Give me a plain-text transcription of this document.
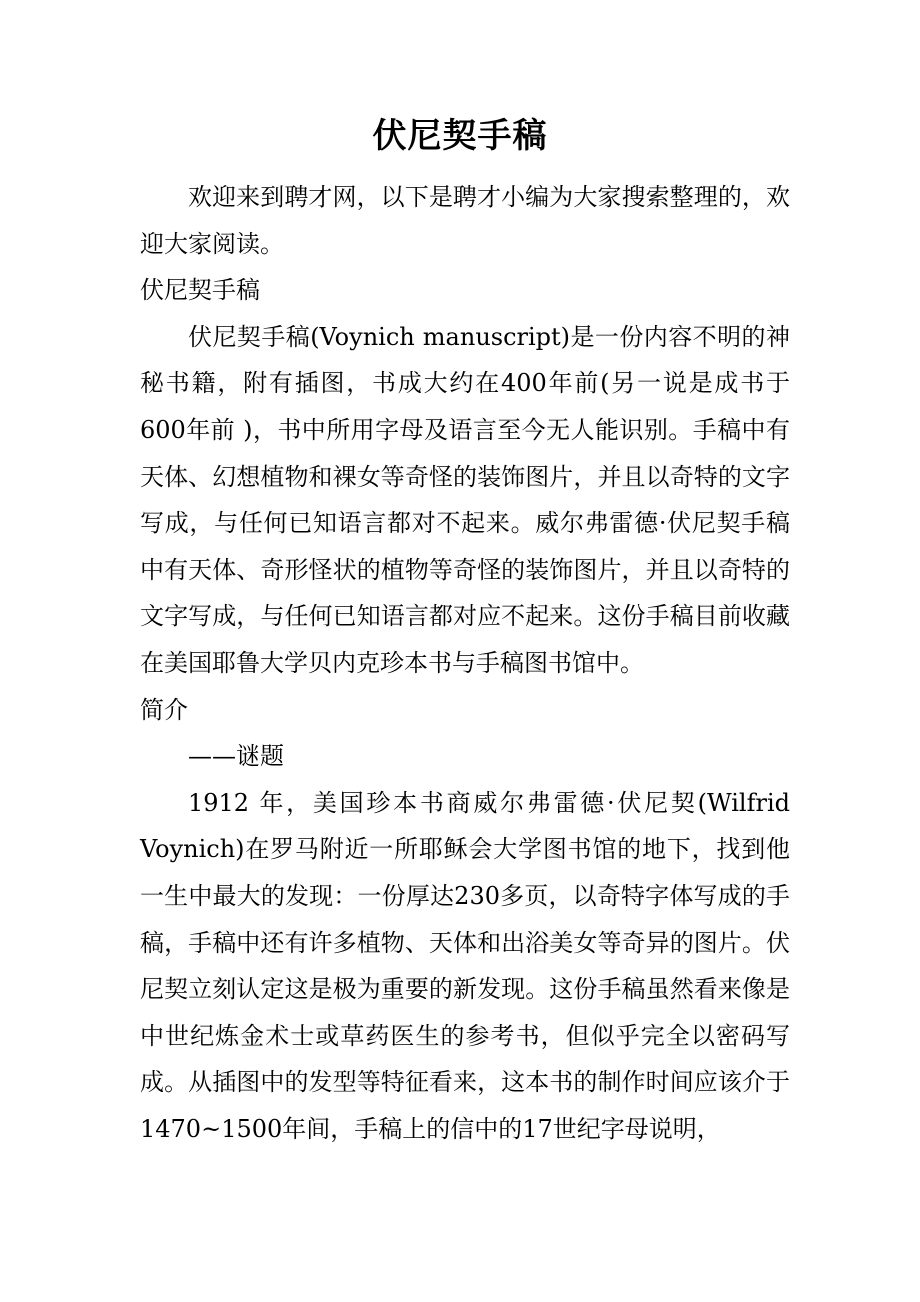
伏尼契手稿

欢迎来到聘才网，以下是聘才小编为大家搜索整理的，欢迎大家阅读。

伏尼契手稿

伏尼契手稿(Voynich manuscript)是一份内容不明的神秘书籍，附有插图，书成大约在400年前(另一说是成书于600年前 )，书中所用字母及语言至今无人能识别。手稿中有天体、幻想植物和裸女等奇怪的装饰图片，并且以奇特的文字写成，与任何已知语言都对不起来。威尔弗雷德·伏尼契手稿中有天体、奇形怪状的植物等奇怪的装饰图片，并且以奇特的文字写成，与任何已知语言都对应不起来。这份手稿目前收藏在美国耶鲁大学贝内克珍本书与手稿图书馆中。

简介

——谜题

1912 年，美国珍本书商威尔弗雷德·伏尼契(Wilfrid Voynich)在罗马附近一所耶稣会大学图书馆的地下，找到他一生中最大的发现：一份厚达230多页，以奇特字体写成的手稿，手稿中还有许多植物、天体和出浴美女等奇异的图片。伏尼契立刻认定这是极为重要的新发现。这份手稿虽然看来像是中世纪炼金术士或草药医生的参考书，但似乎完全以密码写成。从插图中的发型等特征看来，这本书的制作时间应该介于1470~1500年间，手稿上的信中的17世纪字母说明，
